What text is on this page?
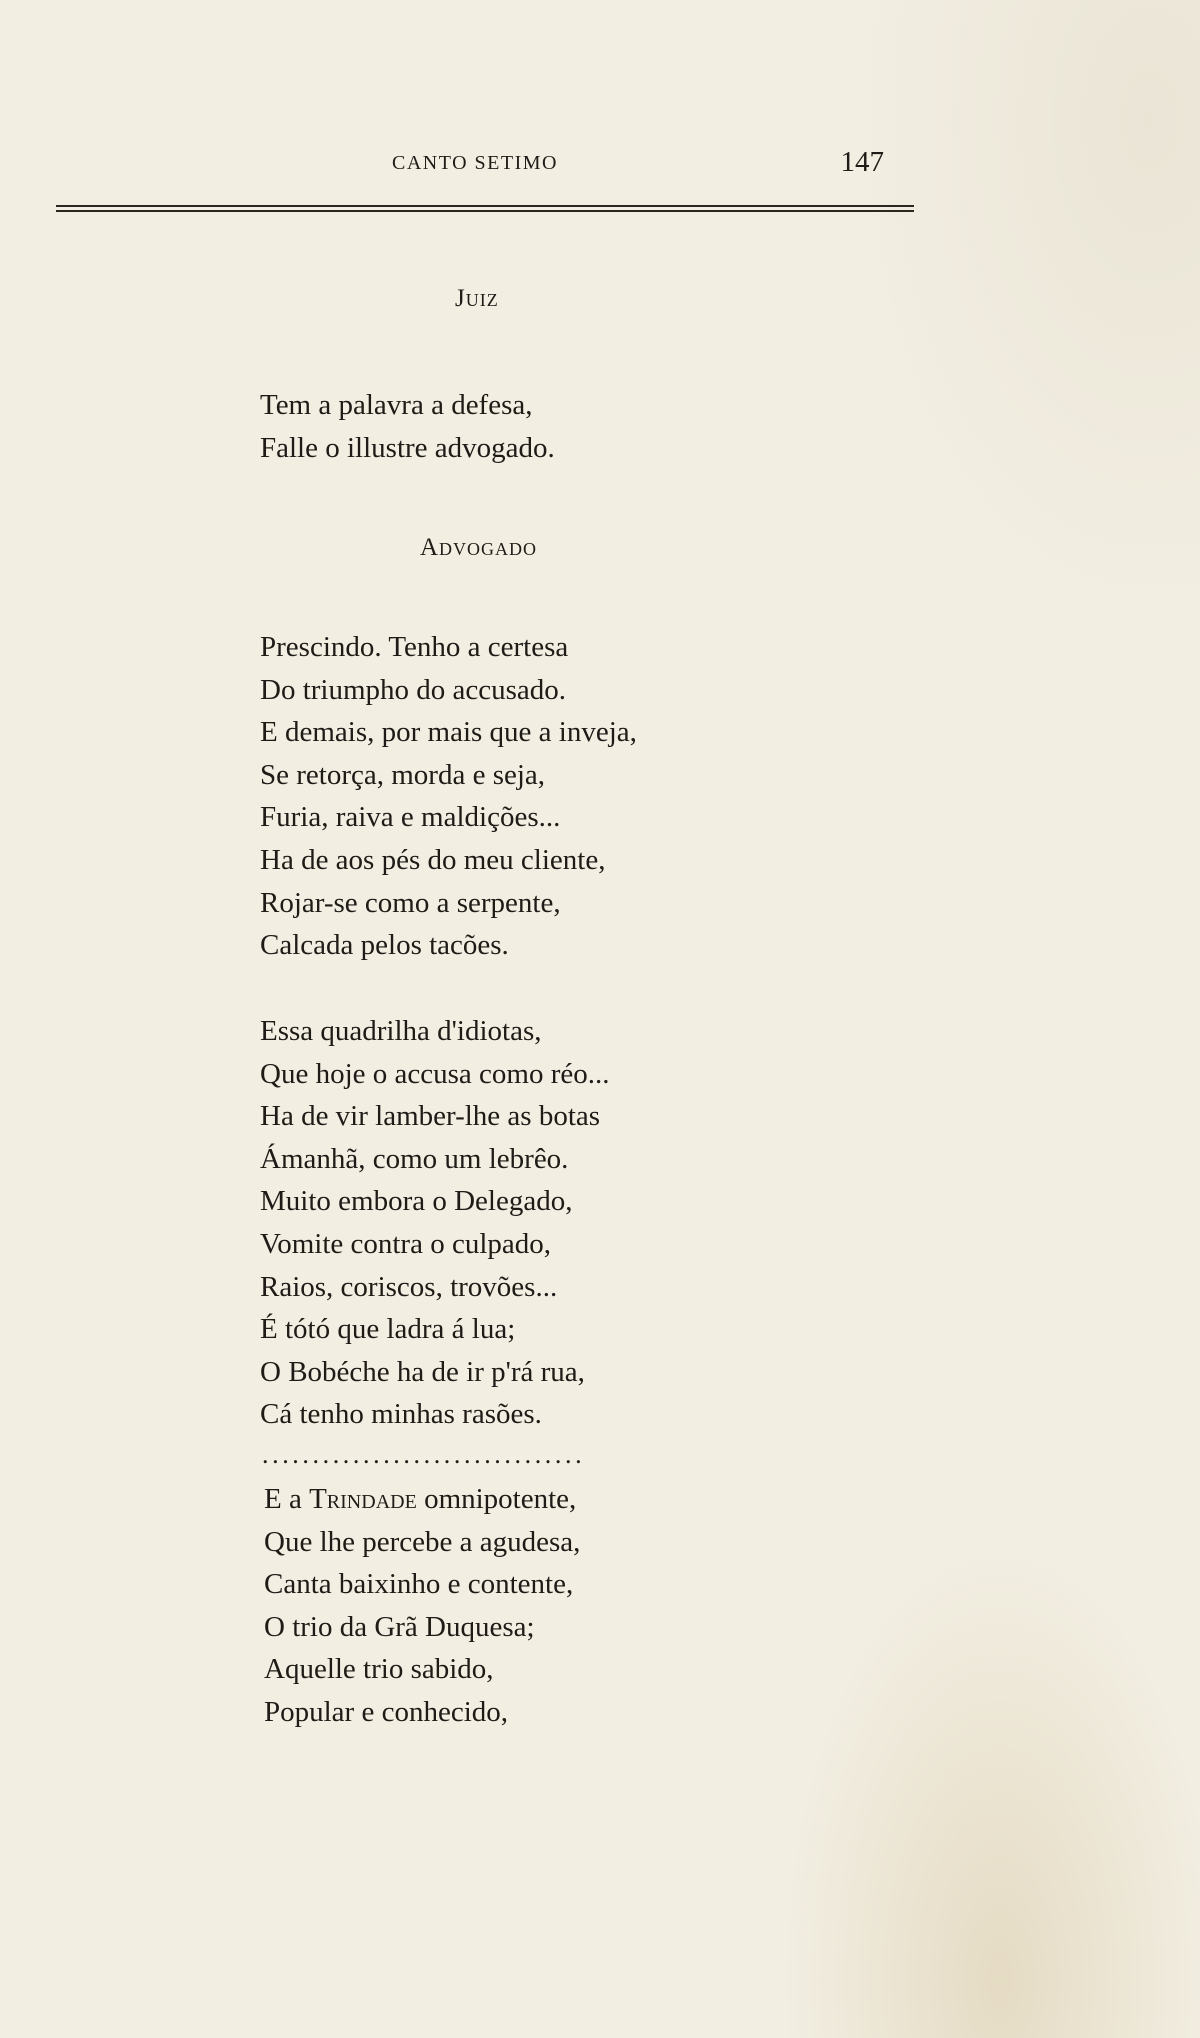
CANTO SETIMO	147
Juiz
Tem a palavra a defesa,
Falle o illustre advogado.
Advogado
Prescindo. Tenho a certesa
Do triumpho do accusado.
E demais, por mais que a inveja,
Se retorça, morda e seja,
Furia, raiva e maldições...
Ha de aos pés do meu cliente,
Rojar-se como a serpente,
Calcada pelos tacões.
Essa quadrilha d'idiotas,
Que hoje o accusa como réo...
Ha de vir lamber-lhe as botas
Ámanhã, como um lebrêo.
Muito embora o Delegado,
Vomite contra o culpado,
Raios, coriscos, trovões...
É tótó que ladra á lua;
O Bobéche ha de ir p'rá rua,
Cá tenho minhas rasões.
................................
E a Trindade omnipotente,
Que lhe percebe a agudesa,
Canta baixinho e contente,
O trio da Grã Duquesa;
Aquelle trio sabido,
Popular e conhecido,
